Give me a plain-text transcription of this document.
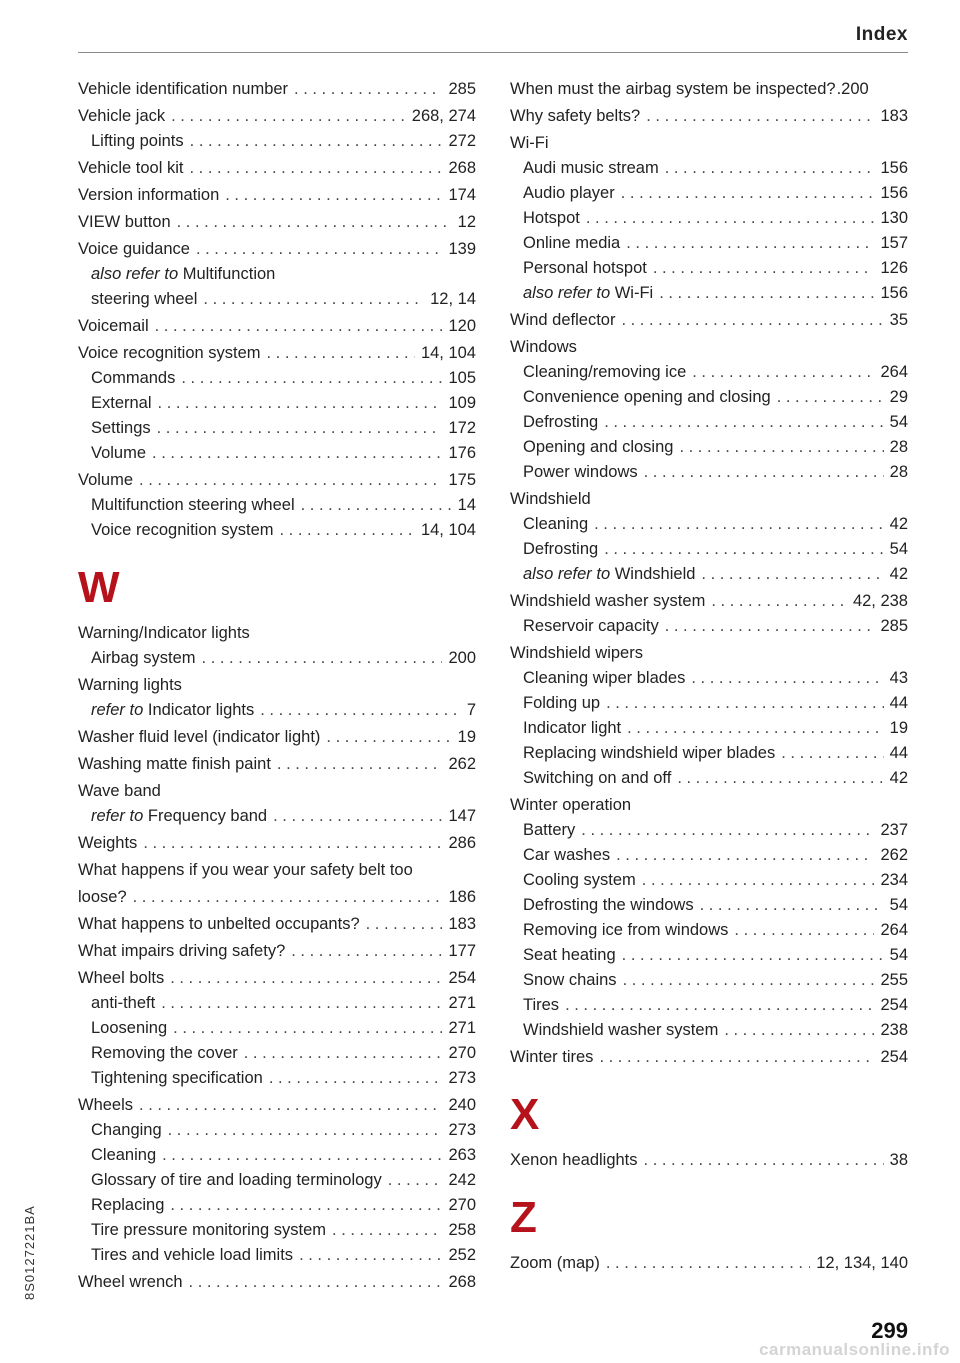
Index
Vehicle identification number . . .	285
Vehicle jack . . .	268, 274
Lifting points . . .	272
Vehicle tool kit . . .	268
Version information . . .	174
VIEW button . . .	12
Voice guidance . . .	139
also refer to Multifunction
steering wheel . . .	12, 14
Voicemail . . .	120
Voice recognition system . . .	14, 104
Commands . . .	105
External . . .	109
Settings . . .	172
Volume . . .	176
Volume . . .	175
Multifunction steering wheel . . .	14
Voice recognition system . . .	14, 104
W
Warning/Indicator lights
Airbag system . . .	200
Warning lights
refer to Indicator lights . . .	7
Washer fluid level (indicator light) . . .	19
Washing matte finish paint . . .	262
Wave band
refer to Frequency band . . .	147
Weights . . .	286
What happens if you wear your safety belt too
loose? . . .	186
What happens to unbelted occupants? . . .	183
What impairs driving safety? . . .	177
Wheel bolts . . .	254
anti-theft . . .	271
Loosening . . .	271
Removing the cover . . .	270
Tightening specification . . .	273
Wheels . . .	240
Changing . . .	273
Cleaning . . .	263
Glossary of tire and loading terminology . . .	242
Replacing . . .	270
Tire pressure monitoring system . . .	258
Tires and vehicle load limits . . .	252
Wheel wrench . . .	268
When must the airbag system be inspected? .200
Why safety belts? . . .	183
Wi-Fi
Audi music stream . . .	156
Audio player . . .	156
Hotspot . . .	130
Online media . . .	157
Personal hotspot . . .	126
also refer to Wi-Fi . . .	156
Wind deflector . . .	35
Windows
Cleaning/removing ice . . .	264
Convenience opening and closing . . .	29
Defrosting . . .	54
Opening and closing . . .	28
Power windows . . .	28
Windshield
Cleaning . . .	42
Defrosting . . .	54
also refer to Windshield . . .	42
Windshield washer system . . .	42, 238
Reservoir capacity . . .	285
Windshield wipers
Cleaning wiper blades . . .	43
Folding up . . .	44
Indicator light . . .	19
Replacing windshield wiper blades . . .	44
Switching on and off . . .	42
Winter operation
Battery . . .	237
Car washes . . .	262
Cooling system . . .	234
Defrosting the windows . . .	54
Removing ice from windows . . .	264
Seat heating . . .	54
Snow chains . . .	255
Tires . . .	254
Windshield washer system . . .	238
Winter tires . . .	254
X
Xenon headlights . . .	38
Z
Zoom (map) . . .	12, 134, 140
299
8S0127221BA
carmanualsonline.info
